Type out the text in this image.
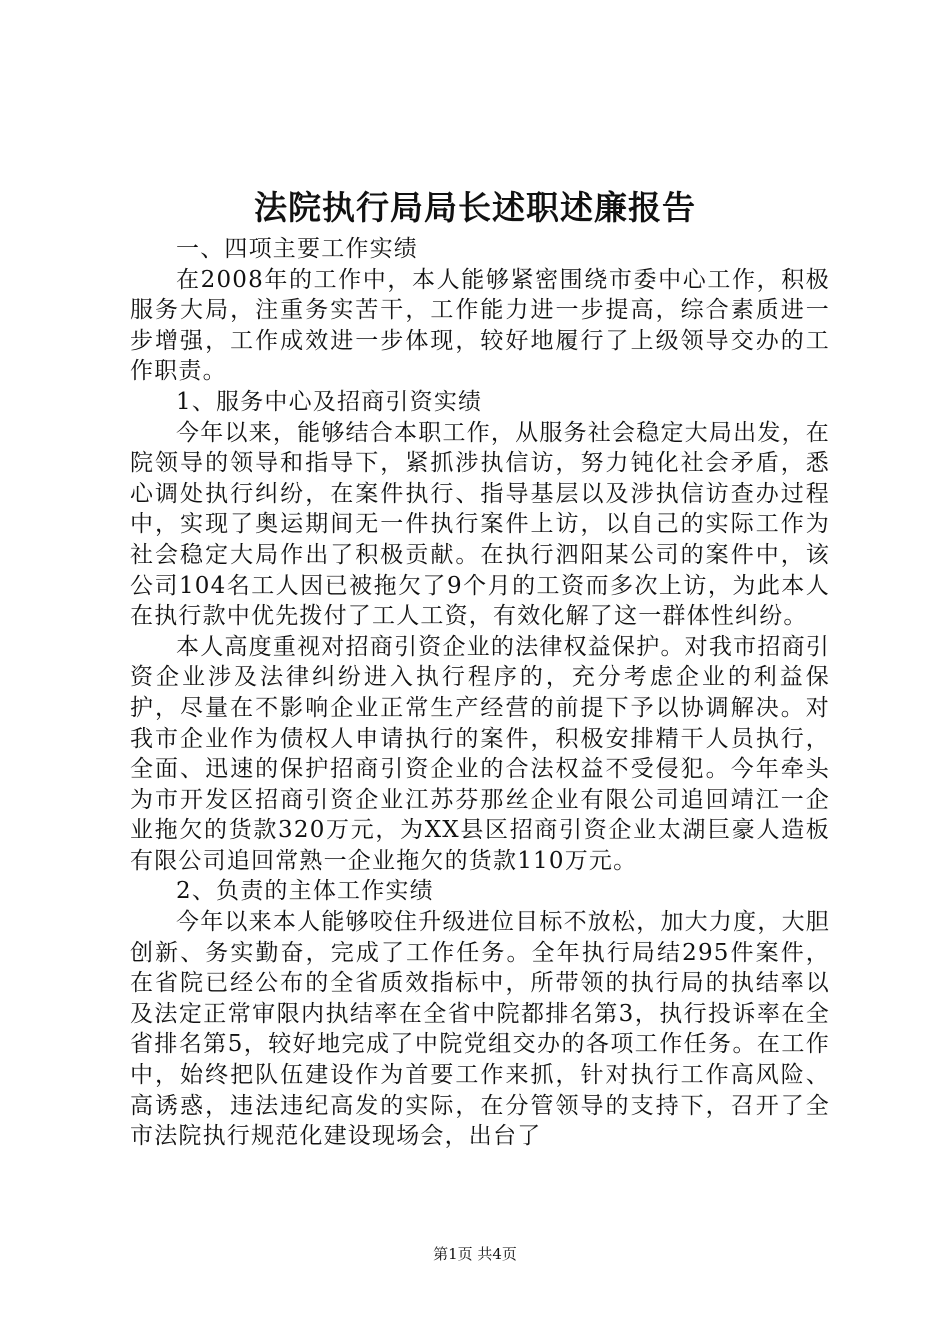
法院执行局局长述职述廉报告

一、四项主要工作实绩

在2008年的工作中，本人能够紧密围绕市委中心工作，积极服务大局，注重务实苦干，工作能力进一步提高，综合素质进一步增强，工作成效进一步体现，较好地履行了上级领导交办的工作职责。

1、服务中心及招商引资实绩

今年以来，能够结合本职工作，从服务社会稳定大局出发，在院领导的领导和指导下，紧抓涉执信访，努力钝化社会矛盾，悉心调处执行纠纷，在案件执行、指导基层以及涉执信访查办过程中，实现了奥运期间无一件执行案件上访，以自己的实际工作为社会稳定大局作出了积极贡献。在执行泗阳某公司的案件中，该公司104名工人因已被拖欠了9个月的工资而多次上访，为此本人在执行款中优先拨付了工人工资，有效化解了这一群体性纠纷。

本人高度重视对招商引资企业的法律权益保护。对我市招商引资企业涉及法律纠纷进入执行程序的，充分考虑企业的利益保护，尽量在不影响企业正常生产经营的前提下予以协调解决。对我市企业作为债权人申请执行的案件，积极安排精干人员执行，全面、迅速的保护招商引资企业的合法权益不受侵犯。今年牵头为市开发区招商引资企业江苏芬那丝企业有限公司追回靖江一企业拖欠的货款320万元，为XX县区招商引资企业太湖巨豪人造板有限公司追回常熟一企业拖欠的货款110万元。

2、负责的主体工作实绩

今年以来本人能够咬住升级进位目标不放松，加大力度，大胆创新、务实勤奋，完成了工作任务。全年执行局结295件案件，在省院已经公布的全省质效指标中，所带领的执行局的执结率以及法定正常审限内执结率在全省中院都排名第3，执行投诉率在全省排名第5，较好地完成了中院党组交办的各项工作任务。在工作中，始终把队伍建设作为首要工作来抓，针对执行工作高风险、高诱惑，违法违纪高发的实际，在分管领导的支持下，召开了全市法院执行规范化建设现场会，出台了

第1页 共4页
